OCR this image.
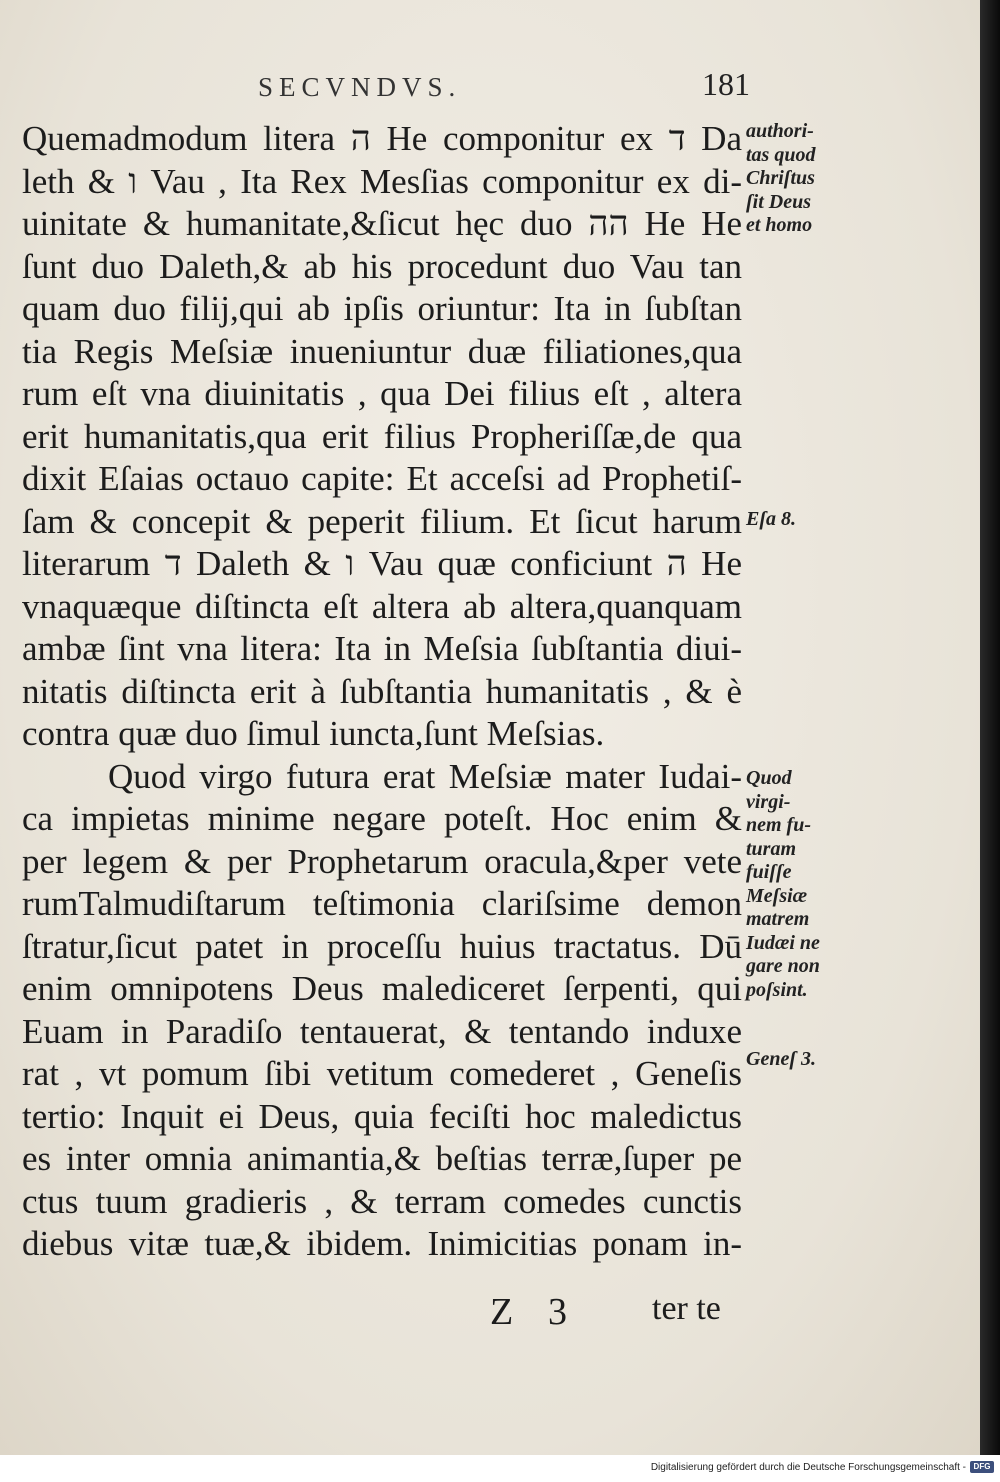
SECVNDVS.	181
Quemadmodum litera ה He componitur ex ד Da
leth & ו Vau , Ita Rex Mesſias componitur ex di-
uinitate & humanitate,&ſicut hęc duo הה He He
ſunt duo Daleth,& ab his procedunt duo Vau tan
quam duo filij,qui ab ipſis oriuntur: Ita in ſubſtan
tia Regis Meſsiæ inueniuntur duæ filiationes,qua
rum eſt vna diuinitatis , qua Dei filius eſt , altera
erit humanitatis,qua erit filius Propheriſſæ,de qua
dixit Eſaias octauo capite: Et acceſsi ad Prophetiſ-
ſam & concepit & peperit filium. Et ſicut harum
literarum ד Daleth & ו Vau quæ conficiunt ה He
vnaquæque diſtincta eſt altera ab altera,quanquam
ambæ ſint vna litera: Ita in Meſsia ſubſtantia diui-
nitatis diſtincta erit à ſubſtantia humanitatis , & è
contra quæ duo ſimul iuncta,ſunt Meſsias.
Quod virgo futura erat Meſsiæ mater Iudai-
ca impietas minime negare poteſt. Hoc enim &
per legem & per Prophetarum oracula,&per vete
rumTalmudiſtarum teſtimonia clariſsime demon
ſtratur,ſicut patet in proceſſu huius tractatus. Dū
enim omnipotens Deus malediceret ſerpenti, qui
Euam in Paradiſo tentauerat, & tentando induxe
rat , vt pomum ſibi vetitum comederet , Geneſis
tertio: Inquit ei Deus, quia feciſti hoc maledictus
es inter omnia animantia,& beſtias terræ,ſuper pe
ctus tuum gradieris , & terram comedes cunctis
diebus vitæ tuæ,& ibidem. Inimicitias ponam in-
authori-
tas quod
Chriſtus
ſit Deus
et homo
Eſa 8.
Quod
virgi-
nem fu-
turam
fuiſſe
Meſsiæ
matrem
Iudæi ne
gare non
poſsint.
Geneſ 3.
Z 3	ter te
Digitalisierung gefördert durch die Deutsche Forschungsgemeinschaft - DFG
